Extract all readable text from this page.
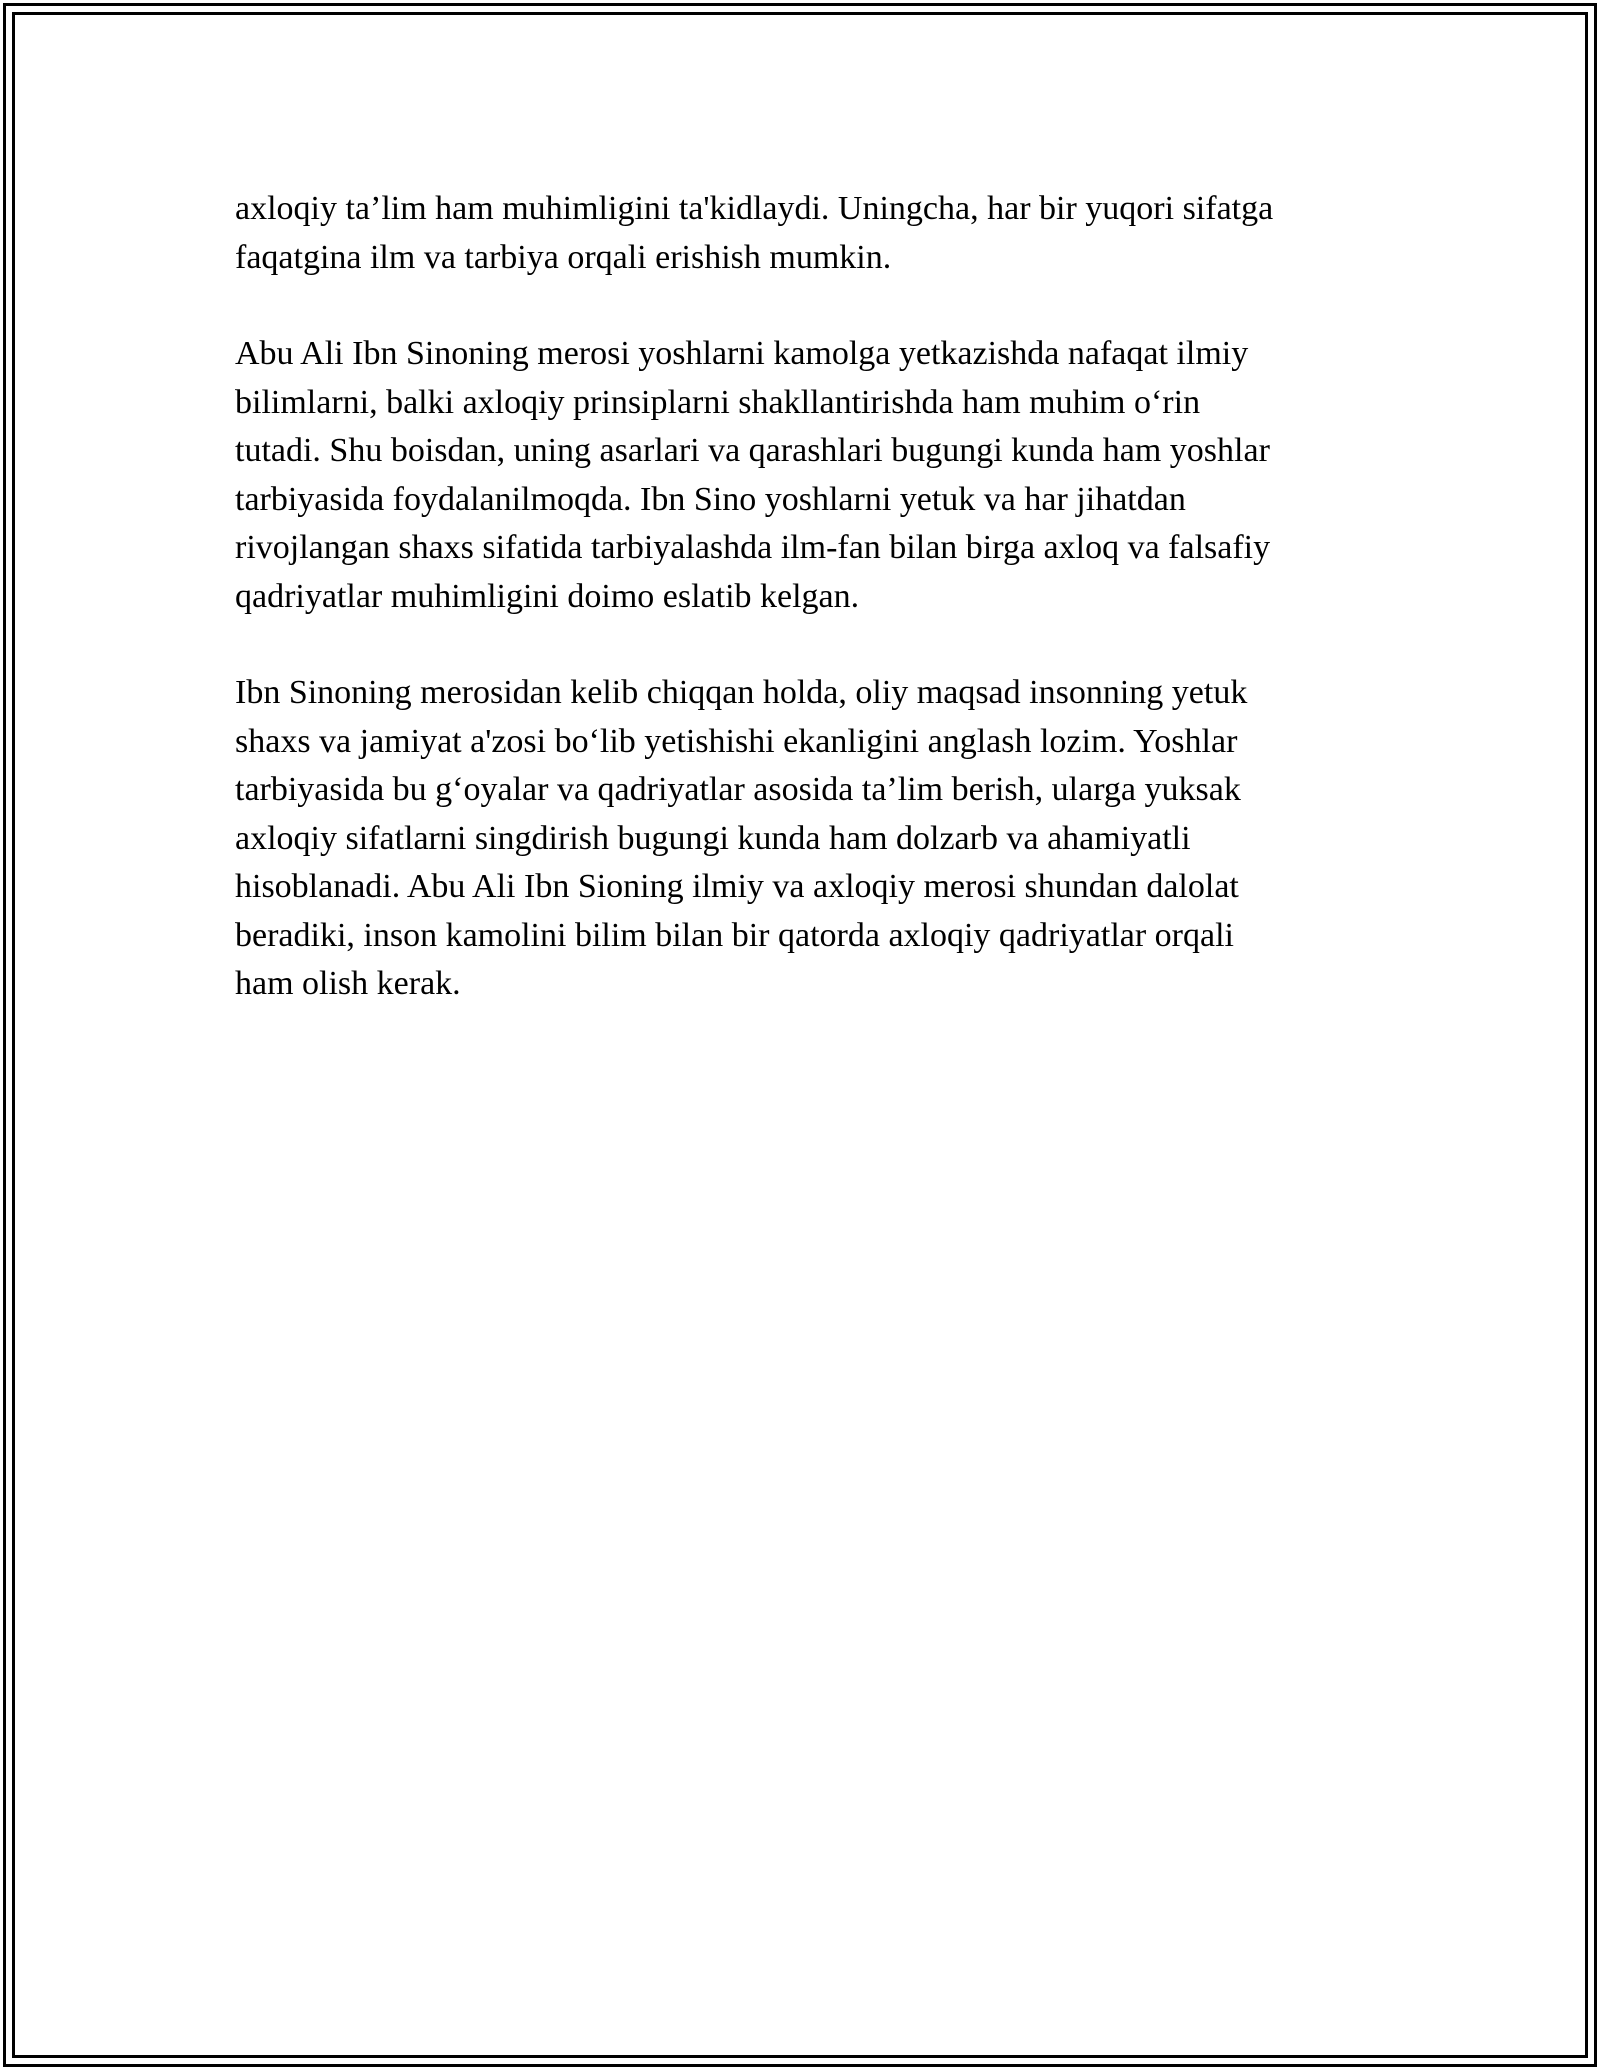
axloqiy ta’lim ham muhimligini ta'kidlaydi. Uningcha, har bir yuqori sifatga
faqatgina ilm va tarbiya orqali erishish mumkin.

Abu Ali Ibn Sinoning merosi yoshlarni kamolga yetkazishda nafaqat ilmiy
bilimlarni, balki axloqiy prinsiplarni shakllantirishda ham muhim o‘rin
tutadi. Shu boisdan, uning asarlari va qarashlari bugungi kunda ham yoshlar
tarbiyasida foydalanilmoqda. Ibn Sino yoshlarni yetuk va har jihatdan
rivojlangan shaxs sifatida tarbiyalashda ilm-fan bilan birga axloq va falsafiy
qadriyatlar muhimligini doimo eslatib kelgan.

Ibn Sinoning merosidan kelib chiqqan holda, oliy maqsad insonning yetuk
shaxs va jamiyat a'zosi bo‘lib yetishishi ekanligini anglash lozim. Yoshlar
tarbiyasida bu g‘oyalar va qadriyatlar asosida ta’lim berish, ularga yuksak
axloqiy sifatlarni singdirish bugungi kunda ham dolzarb va ahamiyatli
hisoblanadi. Abu Ali Ibn Sioning ilmiy va axloqiy merosi shundan dalolat
beradiki, inson kamolini bilim bilan bir qatorda axloqiy qadriyatlar orqali
ham olish kerak.
